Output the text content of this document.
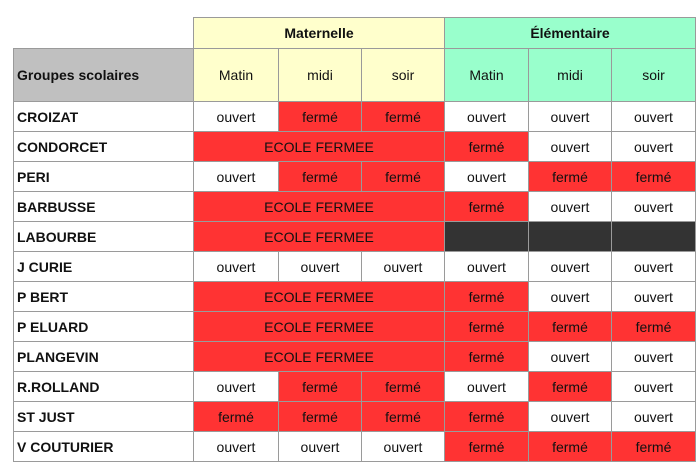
	Maternelle			Élémentaire		
Groupes scolaires	Matin	midi	soir	Matin	midi	soir
CROIZAT	ouvert	fermé	fermé	ouvert	ouvert	ouvert
CONDORCET	ECOLE FERMEE			fermé	ouvert	ouvert
PERI	ouvert	fermé	fermé	ouvert	fermé	fermé
BARBUSSE	ECOLE FERMEE			fermé	ouvert	ouvert
LABOURBE	ECOLE FERMEE					
J CURIE	ouvert	ouvert	ouvert	ouvert	ouvert	ouvert
P BERT	ECOLE FERMEE			fermé	ouvert	ouvert
P ELUARD	ECOLE FERMEE			fermé	fermé	fermé
PLANGEVIN	ECOLE FERMEE			fermé	ouvert	ouvert
R.ROLLAND	ouvert	fermé	fermé	ouvert	fermé	ouvert
ST JUST	fermé	fermé	fermé	fermé	ouvert	ouvert
V COUTURIER	ouvert	ouvert	ouvert	fermé	fermé	fermé
